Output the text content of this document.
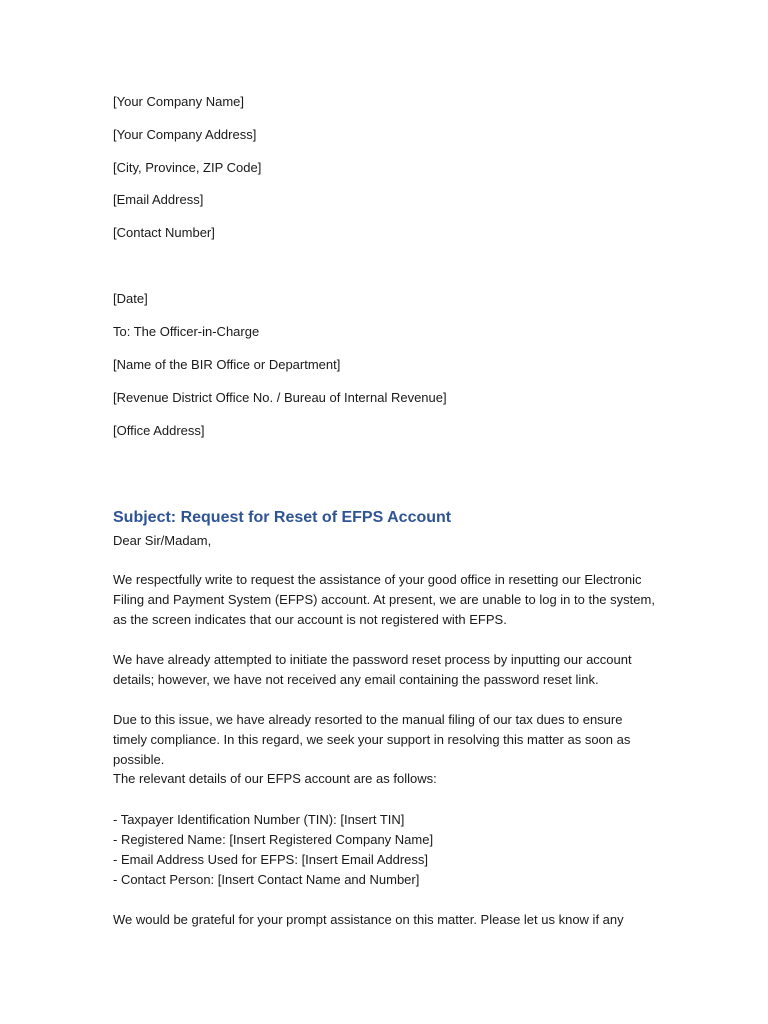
[Your Company Name]

[Your Company Address]

[City, Province, ZIP Code]

[Email Address]

[Contact Number]

[Date]

To: The Officer-in-Charge

[Name of the BIR Office or Department]

[Revenue District Office No. / Bureau of Internal Revenue]

[Office Address]

Subject: Request for Reset of EFPS Account

Dear Sir/Madam,

We respectfully write to request the assistance of your good office in resetting our Electronic Filing and Payment System (EFPS) account. At present, we are unable to log in to the system, as the screen indicates that our account is not registered with EFPS.

We have already attempted to initiate the password reset process by inputting our account details; however, we have not received any email containing the password reset link.

Due to this issue, we have already resorted to the manual filing of our tax dues to ensure timely compliance. In this regard, we seek your support in resolving this matter as soon as possible.

The relevant details of our EFPS account are as follows:

- Taxpayer Identification Number (TIN): [Insert TIN]
- Registered Name: [Insert Registered Company Name]
- Email Address Used for EFPS: [Insert Email Address]
- Contact Person: [Insert Contact Name and Number]

We would be grateful for your prompt assistance on this matter. Please let us know if any
